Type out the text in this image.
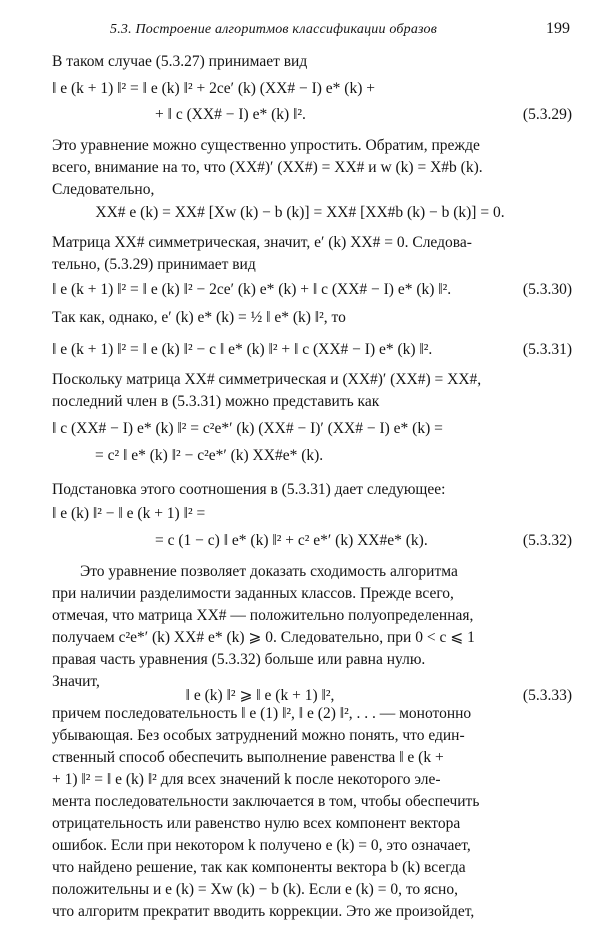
5.3. Построение алгоритмов классификации образов	199
В таком случае (5.3.27) принимает вид
‖ e (k + 1) ‖² = ‖ e (k) ‖² + 2ce′ (k) (XX# − I) e* (k) +
+ ‖ c (XX# − I) e* (k) ‖².	(5.3.29)
Это уравнение можно существенно упростить. Обратим, прежде
всего, внимание на то, что (XX#)′ (XX#) = XX# и w (k) = X#b (k).
Следовательно,
XX# e (k) = XX# [Xw (k) − b (k)] = XX# [XX#b (k) − b (k)] = 0.
Матрица XX# симметрическая, значит, e′ (k) XX# = 0. Следова-
тельно, (5.3.29) принимает вид
‖ e (k + 1) ‖² = ‖ e (k) ‖² − 2ce′ (k) e* (k) + ‖ c (XX# − I) e* (k) ‖².	(5.3.30)
Так как, однако, e′ (k) e* (k) = ½ ‖ e* (k) ‖², то
‖ e (k + 1) ‖² = ‖ e (k) ‖² − c ‖ e* (k) ‖² + ‖ c (XX# − I) e* (k) ‖².	(5.3.31)
Поскольку матрица XX# симметрическая и (XX#)′ (XX#) = XX#,
последний член в (5.3.31) можно представить как
‖ c (XX# − I) e* (k) ‖² = c²e*′ (k) (XX# − I)′ (XX# − I) e* (k) =
= c² ‖ e* (k) ‖² − c²e*′ (k) XX#e* (k).
Подстановка этого соотношения в (5.3.31) дает следующее:
‖ e (k) ‖² − ‖ e (k + 1) ‖² =
= c (1 − c) ‖ e* (k) ‖² + c² e*′ (k) XX#e* (k).	(5.3.32)
Это уравнение позволяет доказать сходимость алгоритма
при наличии разделимости заданных классов. Прежде всего,
отмечая, что матрица XX# — положительно полуопределенная,
получаем c²e*′ (k) XX# e* (k) ⩾ 0. Следовательно, при 0 < c ⩽ 1
правая часть уравнения (5.3.32) больше или равна нулю.
Значит,
‖ e (k) ‖² ⩾ ‖ e (k + 1) ‖²,	(5.3.33)
причем последовательность ‖ e (1) ‖², ‖ e (2) ‖², . . . — монотонно
убывающая. Без особых затруднений можно понять, что един-
ственный способ обеспечить выполнение равенства ‖ e (k +
+ 1) ‖² = ‖ e (k) ‖² для всех значений k после некоторого эле-
мента последовательности заключается в том, чтобы обеспечить
отрицательность или равенство нулю всех компонент вектора
ошибок. Если при некотором k получено e (k) = 0, это означает,
что найдено решение, так как компоненты вектора b (k) всегда
положительны и e (k) = Xw (k) − b (k). Если e (k) = 0, то ясно,
что алгоритм прекратит вводить коррекции. Это же произойдет,
